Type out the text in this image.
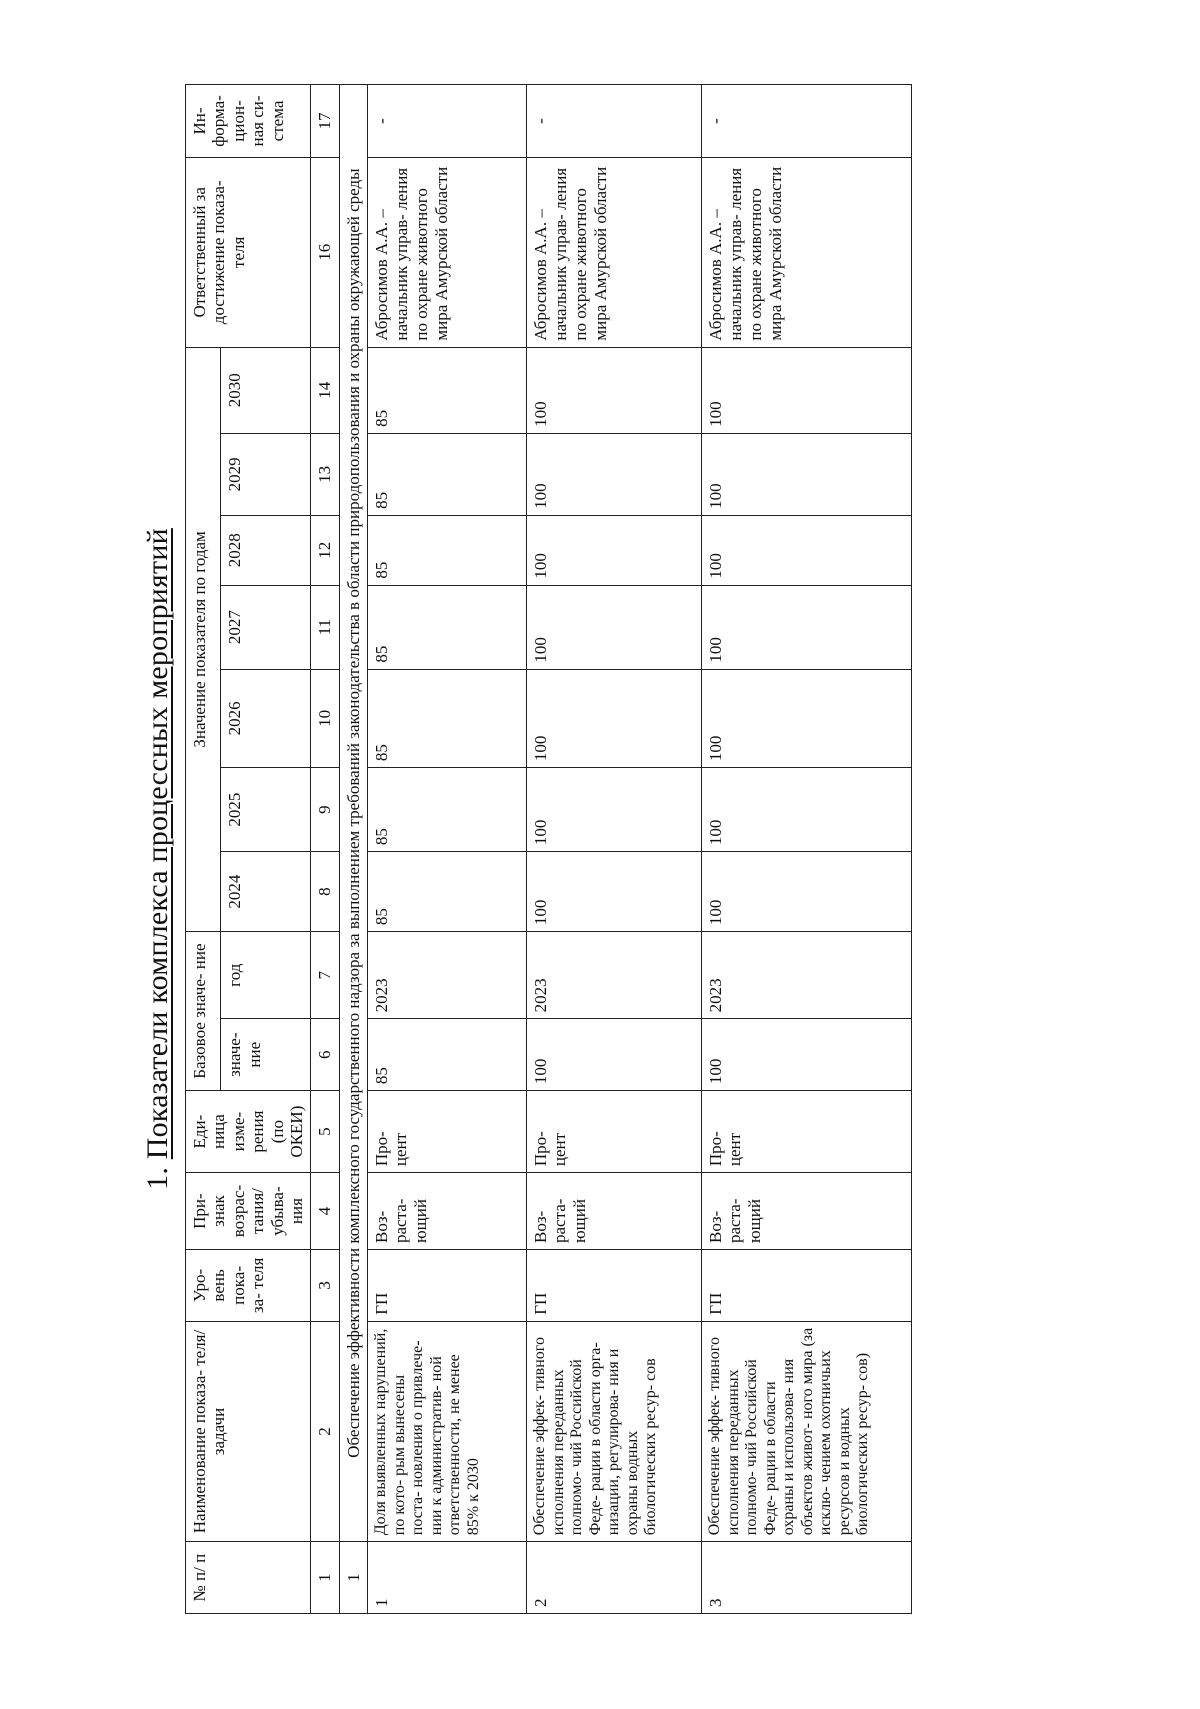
1. Показатели комплекса процессных мероприятий
№ п/ п	Наименование показа- теля/задачи	Уро- вень пока- за- теля	При- знак возрас- тания/ убыва- ния	Еди- ница изме- рения (по ОКЕИ)	Базовое значе- ние		Значение показателя по годам							Ответственный за достижение показа- теля	Ин- форма- цион- ная си- стема
					значе- ние	год	2024	2025	2026	2027	2028	2029	2030		
1	2	3	4	5	6	7	8	9	10	11	12	13	14	16	17
1	Обеспечение эффективности комплексного государственного надзора за выполнением требований законодательства в области природопользования и охраны окружающей среды														
1	Доля выявленных нарушений, по кото- рым вынесены поста- новления о привлече- нии к административ- ной ответственности, не менее 85% к 2030	ГП	Воз- раста- ющий	Про- цент	85	2023	85	85	85	85	85	85	85	Абросимов А.А. – начальник управ- ления по охране животного мира Амурской области	-
2	Обеспечение эффек- тивного исполнения переданных полномо- чий Российской Феде- рации в области орга- низации, регулирова- ния и охраны водных биологических ресур- сов	ГП	Воз- раста- ющий	Про- цент	100	2023	100	100	100	100	100	100	100	Абросимов А.А. – начальник управ- ления по охране животного мира Амурской области	-
3	Обеспечение эффек- тивного исполнения переданных полномо- чий Российской Феде- рации в области охраны и использова- ния объектов живот- ного мира (за исклю- чением охотничьих ресурсов и водных биологических ресур- сов)	ГП	Воз- раста- ющий	Про- цент	100	2023	100	100	100	100	100	100	100	Абросимов А.А. – начальник управ- ления по охране животного мира Амурской области	-
